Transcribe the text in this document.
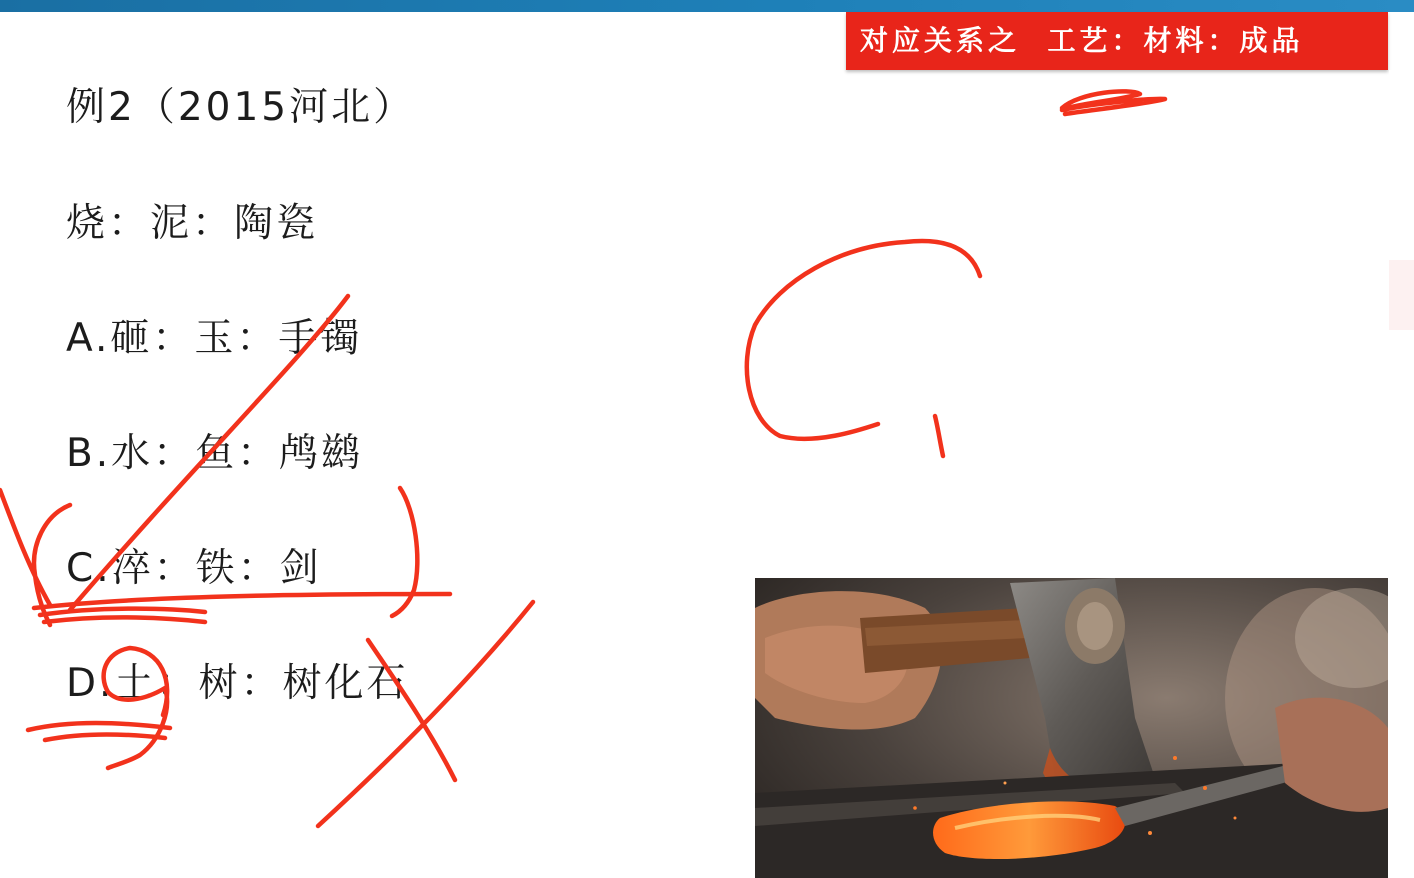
对应关系之  工艺：材料：成品
例2（2015河北）
烧：泥：陶瓷
A.砸：玉：手镯
B.水：鱼：鸬鹚
C.淬：铁：剑
D.土：树：树化石
